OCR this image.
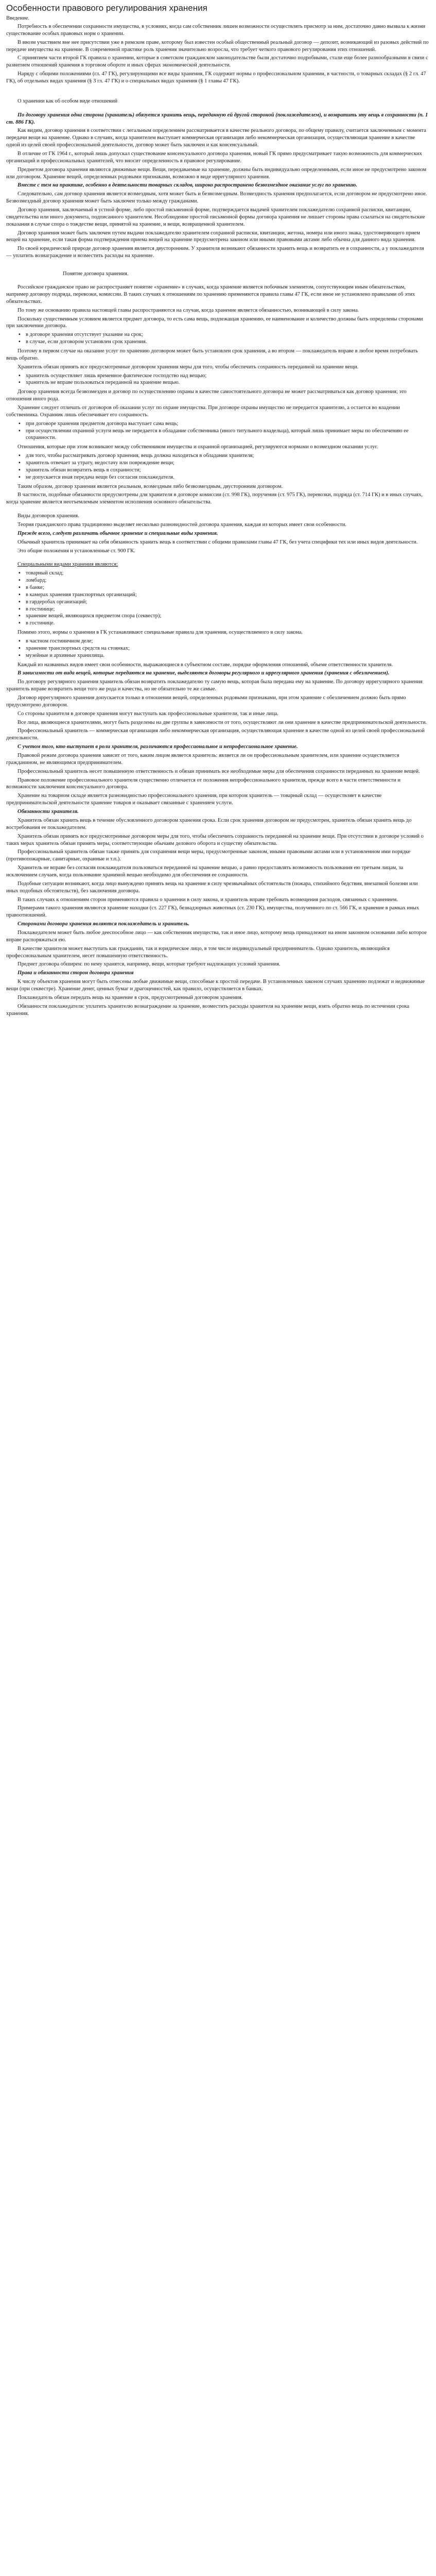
Особенности правового регулирования хранения
Введение.

Потребность в обеспечении сохранности имущества, в условиях, когда сам собственник лишен возможности осуществлять присмотр за ним, достаточно давно вызвала к жизни существование особых правовых норм о хранении.

В ввозм участвием вне нее присутствии уже в римском праве, которому был известен особый общественный реальный договор — депозит, возникающий из разовых действий по передаче имущества на хранение. В современной практике роль хранения значительно возросла, что требует четкого правового регулирования этих отношений.

С принятием части второй ГК правила о хранении, которые в советском гражданском законодательстве были достаточно подробными, стали еще более разнообразными в связи с развитием отношений хранения в торговом обороте и иных сферах экономической деятельности.

Наряду с общими положениями (гл. 47 ГК), регулирующими все виды хранения, ГК содержит нормы о профессиональном хранении, в частности, о товарных складах (§ 2 гл. 47 ГК), об отдельных видах хранения (§ 3 гл. 47 ГК) и о специальных видах хранения (§ 1 главы 47 ГК).

О хранении как об особом виде отношений

По договору хранения одна сторона (хранитель) обязуется хранить вещь, переданную ей другой стороной (поклажедателем), и возвратить эту вещь в сохранности (п. 1 ст. 886 ГК).

Как видим, договор хранения в соответствии с легальным определением рассматривается в качестве реального договора, по общему правилу, считается заключенным с момента передачи вещи на хранение. Однако в случаях, когда хранителем выступает коммерческая организация либо некоммерческая организация, осуществляющая хранение в качестве одной из целей своей профессиональной деятельности, договор может быть заключен и как консенсуальный.

В отличие от ГК 1964 г., который лишь допускал существование консенсуального договора хранения, новый ГК прямо предусматривает такую возможность для коммерческих организаций и профессиональных хранителей, что вносит определенность в правовое регулирование.

Предметом договора хранения являются движимые вещи. Вещи, передаваемые на хранение, должны быть индивидуально определенными, если иное не предусмотрено законом или договором. Хранение вещей, определенных родовыми признаками, возможно в виде иррегулярного хранения.

Вместе с тем на практике, особенно в деятельности товарных складов, широко распространено безвозмездное оказание услуг по хранению.

Следовательно, сам договор хранения является возмездным, хотя может быть и безвозмездным. Возмездность хранения предполагается, если договором не предусмотрено иное. Безвозмездный договор хранения может быть заключен только между гражданами.

Договор хранения, заключаемый в устной форме, либо простой письменной форме, подтверждается выдачей хранителем поклажедателю сохранной расписки, квитанции, свидетельства или иного документа, подписанного хранителем. Несоблюдение простой письменной формы договора хранения не лишает стороны права ссылаться на свидетельские показания в случае спора о тождестве вещи, принятой на хранение, и вещи, возвращенной хранителем.

Договор хранения может быть заключен путем выдачи поклажедателю хранителем сохранной расписки, квитанции, жетона, номера или иного знака, удостоверяющего прием вещей на хранение, если такая форма подтверждения приема вещей на хранение предусмотрена законом или иными правовыми актами либо обычна для данного вида хранения.

По своей юридической природе договор хранения является двусторонним. У хранителя возникают обязанности хранить вещь и возвратить ее в сохранности, а у поклажедателя — уплатить вознаграждение и возместить расходы на хранение.

Понятие договора хранения.

Российское гражданское право не распространяет понятие «хранение» в случаях, когда хранение является побочным элементом, сопутствующим иным обязательствам, например договору подряда, перевозки, комиссии. В таких случаях к отношениям по хранению применяются правила главы 47 ГК, если иное не установлено правилами об этих обязательствах.

По тому же основанию правила настоящей главы распространяются на случаи, когда хранение является обязанностью, возникающей в силу закона.

Поскольку существенным условием является предмет договора, то есть сама вещь, подлежащая хранению, ее наименование и количество должны быть определены сторонами при заключении договора.

▪ в договоре хранения отсутствует указание на срок;
▪ в случае, если договором установлен срок хранения.

Поэтому в первом случае на оказание услуг по хранению договором может быть установлен срок хранения, а во втором — поклажедатель вправе в любое время потребовать вещь обратно.

Хранитель обязан принять все предусмотренные договором хранения меры для того, чтобы обеспечить сохранность переданной на хранение вещи.

▪ хранитель осуществляет лишь временное фактическое господство над вещью;
▪ хранитель не вправе пользоваться переданной на хранение вещью.

Договор хранения всегда безвозмезден и договор по осуществлению охраны в качестве самостоятельного договора не может рассматриваться как договор хранения; это отношения иного рода.

Хранение следует отличать от договоров об оказании услуг по охране имущества. При договоре охраны имущество не передается хранителю, а остается во владении собственника. Охранник лишь обеспечивает его сохранность.

▪ при договоре хранения предметом договора выступает сама вещь;
▪ при осуществлении охранной услуги вещь не передается в обладание собственника (иного титульного владельца), который лишь принимает меры по обеспечению ее сохранности.

Отношения, которые при этом возникают между собственником имущества и охранной организацией, регулируются нормами о возмездном оказании услуг.

▪ для того, чтобы рассматривать договор хранения, вещь должна находиться в обладании хранителя;
▪ хранитель отвечает за утрату, недостачу или повреждение вещи;
▪ хранитель обязан возвратить вещь в сохранности;
▪ не допускается иная передача вещи без согласия поклажедателя.

Таким образом, договор хранения является реальным, возмездным либо безвозмездным, двусторонним договором.

В частности, подобные обязанности предусмотрены для хранителя в договоре комиссии (ст. 998 ГК), поручения (ст. 975 ГК), перевозки, подряда (ст. 714 ГК) и в иных случаях, когда хранение является неотъемлемым элементом исполнения основного обязательства.

Виды договоров хранения.

Теория гражданского права традиционно выделяет несколько разновидностей договора хранения, каждая из которых имеет свои особенности.

Прежде всего, следует различать обычное хранение и специальные виды хранения.

Обычный хранитель принимает на себя обязанность хранить вещь в соответствии с общими правилами главы 47 ГК, без учета специфики тех или иных видов деятельности.

Это общие положения и установленные ст. 900 ГК.

Специальными видами хранения являются:

▪ товарный склад;
▪ ломбард;
▪ в банке;
▪ в камерах хранения транспортных организаций;
▪ в гардеробах организаций;
▪ в гостинице;
▪ хранение вещей, являющихся предметом спора (секвестр);
▪ в гостинице.

Помимо этого, нормы о хранении в ГК устанавливают специальные правила для хранения, осуществляемого в силу закона.

▪ в частном гостиничном деле;
▪ хранение транспортных средств на стоянках;
▪ музейные и архивные хранилища.

Каждый из названных видов имеет свои особенности, выражающиеся в субъектном составе, порядке оформления отношений, объеме ответственности хранителя.

В зависимости от вида вещей, которые передаются на хранение, выделяются договоры регулярного и иррегулярного хранения (хранения с обезличением).

По договору регулярного хранения хранитель обязан возвратить поклажедателю ту самую вещь, которая была передана ему на хранение. По договору иррегулярного хранения хранитель вправе возвратить вещи того же рода и качества, но не обязательно те же самые.

Договор иррегулярного хранения допускается только в отношении вещей, определенных родовыми признаками, при этом хранение с обезличением должно быть прямо предусмотрено договором.

Со стороны хранителя в договоре хранения могут выступать как профессиональные хранители, так и иные лица.

Все лица, являющиеся хранителями, могут быть разделены на две группы в зависимости от того, осуществляют ли они хранение в качестве предпринимательской деятельности.

Профессиональный хранитель — коммерческая организация либо некоммерческая организация, осуществляющая хранение в качестве одной из целей своей профессиональной деятельности.

С учетом того, кто выступает в роли хранителя, различаются профессиональное и непрофессиональное хранение.

Правовой режим договора хранения зависит от того, каким лицом является хранитель: является ли он профессиональным хранителем, или хранение осуществляется гражданином, не являющимся предпринимателем.

Профессиональный хранитель несет повышенную ответственность и обязан принимать все необходимые меры для обеспечения сохранности переданных на хранение вещей.

Правовое положение профессионального хранителя существенно отличается от положения непрофессионального хранителя, прежде всего в части ответственности и возможности заключения консенсуального договора.

Хранение на товарном складе является разновидностью профессионального хранения, при котором хранитель — товарный склад — осуществляет в качестве предпринимательской деятельности хранение товаров и оказывает связанные с хранением услуги.

Обязанности хранителя.

Хранитель обязан хранить вещь в течение обусловленного договором хранения срока. Если срок хранения договором не предусмотрен, хранитель обязан хранить вещь до востребования ее поклажедателем.

Хранитель обязан принять все предусмотренные договором меры для того, чтобы обеспечить сохранность переданной на хранение вещи. При отсутствии в договоре условий о таких мерах хранитель обязан принять меры, соответствующие обычаям делового оборота и существу обязательства.

Профессиональный хранитель обязан также принять для сохранения вещи меры, предусмотренные законом, иными правовыми актами или в установленном ими порядке (противопожарные, санитарные, охранные и т.п.).

Хранитель не вправе без согласия поклажедателя пользоваться переданной на хранение вещью, а равно предоставлять возможность пользования ею третьим лицам, за исключением случаев, когда пользование хранимой вещью необходимо для обеспечения ее сохранности.

Подобные ситуации возникают, когда лицо вынуждено принять вещь на хранение в силу чрезвычайных обстоятельств (пожара, стихийного бедствия, внезапной болезни или иных подобных обстоятельств), без заключения договора.

В таких случаях к отношениям сторон применяются правила о хранении в силу закона, и хранитель вправе требовать возмещения расходов, связанных с хранением.

Примерами такого хранения являются хранение находки (ст. 227 ГК), безнадзорных животных (ст. 230 ГК), имущества, полученного по ст. 566 ГК, и хранение в рамках иных правоотношений.

Сторонами договора хранения являются поклажедатель и хранитель.

Поклажедателем может быть любое дееспособное лицо — как собственник имущества, так и иное лицо, которому вещь принадлежит на ином законном основании либо которое вправе распоряжаться ею.

В качестве хранителя может выступать как гражданин, так и юридическое лицо, в том числе индивидуальный предприниматель. Однако хранитель, являющийся профессиональным хранителем, несет повышенную ответственность.

Предмет договора обширен: по нему хранятся, например, вещи, которые требуют надлежащих условий хранения.

Права и обязанности сторон договора хранения

К числу объектов хранения могут быть отнесены любые движимые вещи, способные к простой передаче. В установленных законом случаях хранению подлежат и недвижимые вещи (при секвестре). Хранение денег, ценных бумаг и драгоценностей, как правило, осуществляется в банках.

Поклажедатель обязан передать вещь на хранение в срок, предусмотренный договором хранения.

Обязанности поклажедателя: уплатить хранителю вознаграждение за хранение, возместить расходы хранителя на хранение вещи, взять обратно вещь по истечении срока хранения.
